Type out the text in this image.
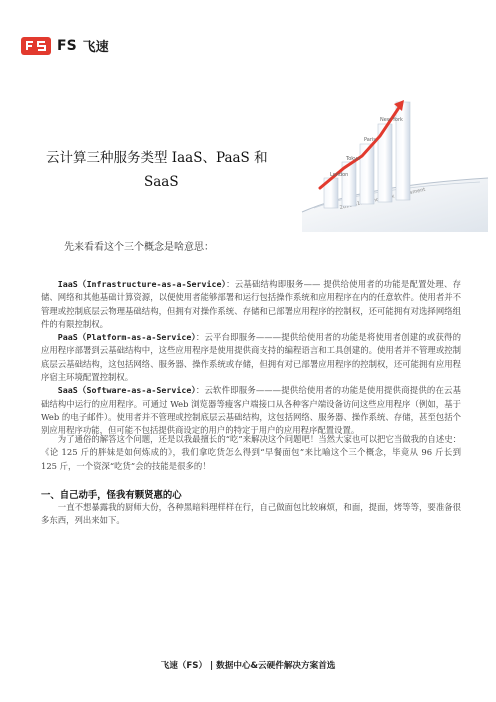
FS 飞速
2011 R1.4 Assessment
London
Tokyo
Paris
New York
云计算三种服务类型 IaaS、PaaS 和
SaaS
先来看看这个三个概念是啥意思：

IaaS（Infrastructure-as-a-Service）：云基础结构即服务—— 提供给使用者的功能是配置处理、存储、网络和其他基础计算资源，以便使用者能够部署和运行包括操作系统和应用程序在内的任意软件。使用者并不管理或控制底层云物理基础结构，但拥有对操作系统、存储和已部署应用程序的控制权，还可能拥有对选择网络组件的有限控制权。

PaaS（Platform-as-a-Service）：云平台即服务———提供给使用者的功能是将使用者创建的或获得的应用程序部署到云基础结构中，这些应用程序是使用提供商支持的编程语言和工具创建的。使用者并不管理或控制底层云基础结构，这包括网络、服务器、操作系统或存储，但拥有对已部署应用程序的控制权，还可能拥有应用程序宿主环境配置控制权。

SaaS（Software-as-a-Service）：云软件即服务———提供给使用者的功能是使用提供商提供的在云基础结构中运行的应用程序。可通过 Web 浏览器等瘦客户端接口从各种客户端设备访问这些应用程序（例如，基于 Web 的电子邮件）。使用者并不管理或控制底层云基础结构，这包括网络、服务器、操作系统、存储，甚至包括个别应用程序功能，但可能不包括提供商设定的用户的特定于用户的应用程序配置设置。

为了通俗的解答这个问题，还是以我最擅长的“吃”来解决这个问题吧！当然大家也可以把它当做我的自述史：《论 125 斤的胖妹是如何炼成的》，我们拿吃货怎么得到“早餐面包”来比喻这个三个概念，毕竟从 96 斤长到 125 斤，一个资深“吃货”会的技能是很多的！

一、自己动手，怪我有颗贤惠的心

一直不想暴露我的厨师大份，各种黑暗料理样样在行，自己做面包比较麻烦，和面，提面，烤等等，要准备很多东西，列出来如下。

飞速（FS） | 数据中心&云硬件解决方案首选
